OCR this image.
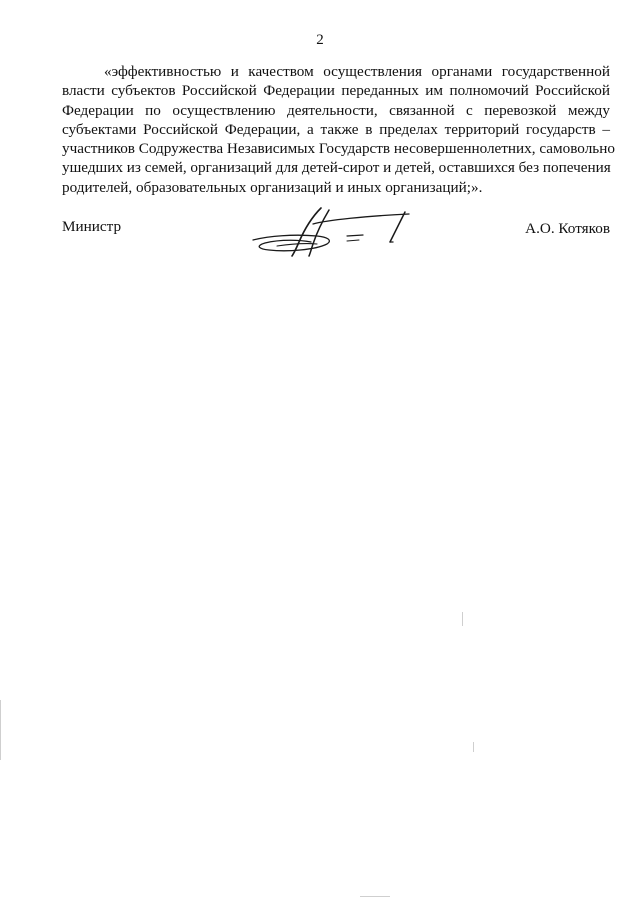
2
«эффективностью и качеством осуществления органами государственной
власти субъектов Российской Федерации переданных им полномочий Российской
Федерации по осуществлению деятельности, связанной с перевозкой между
субъектами Российской Федерации, а также в пределах территорий государств –
участников Содружества Независимых Государств несовершеннолетних, самовольно
ушедших из семей, организаций для детей-сирот и детей, оставшихся без попечения
родителей, образовательных организаций и иных организаций;».
Министр	А.О. Котяков
